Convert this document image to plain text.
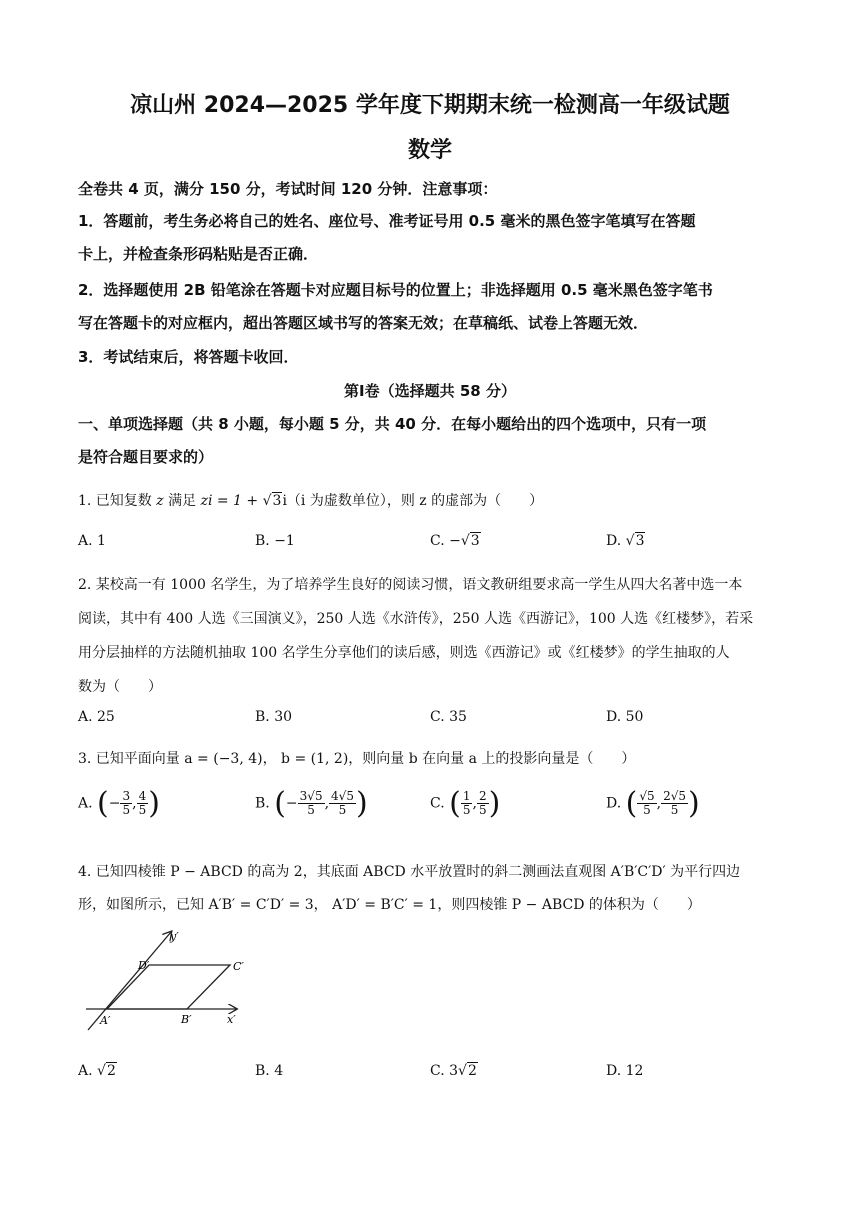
凉山州 2024—2025 学年度下期期末统一检测高一年级试题
数学
全卷共 4 页，满分 150 分，考试时间 120 分钟．注意事项：
1．答题前，考生务必将自己的姓名、座位号、准考证号用 0.5 毫米的黑色签字笔填写在答题
卡上，并检查条形码粘贴是否正确．
2．选择题使用 2B 铅笔涂在答题卡对应题目标号的位置上；非选择题用 0.5 毫米黑色签字笔书
写在答题卡的对应框内，超出答题区域书写的答案无效；在草稿纸、试卷上答题无效．
3．考试结束后，将答题卡收回．
第Ⅰ卷（选择题共 58 分）
一、单项选择题（共 8 小题，每小题 5 分，共 40 分．在每小题给出的四个选项中，只有一项
是符合题目要求的）
1. 已知复数 z 满足 zi = 1 + √3i（i 为虚数单位），则 z 的虚部为（　　）
A. 1	B. −1	C. −√3	D. √3
2. 某校高一有 1000 名学生，为了培养学生良好的阅读习惯，语文教研组要求高一学生从四大名著中选一本
阅读，其中有 400 人选《三国演义》，250 人选《水浒传》，250 人选《西游记》，100 人选《红楼梦》，若采
用分层抽样的方法随机抽取 100 名学生分享他们的读后感，则选《西游记》或《红楼梦》的学生抽取的人
数为（　　）
A. 25	B. 30	C. 35	D. 50
3. 已知平面向量 a = (−3, 4)， b = (1, 2)，则向量 b 在向量 a 上的投影向量是（　　）
A. (− $\frac{3}{5}$ , $\frac{4}{5}$ )	B. (− $\frac{3√5}{5}$ , $\frac{4√5}{5}$ )	C. ( $\frac{1}{5}$ , $\frac{2}{5}$ )	D. ( $\frac{√5}{5}$ , $\frac{2√5}{5}$ )
4. 已知四棱锥 P − ABCD 的高为 2，其底面 ABCD 水平放置时的斜二测画法直观图 A′B′C′D′ 为平行四边
形，如图所示，已知 A′B′ = C′D′ = 3， A′D′ = B′C′ = 1，则四棱锥 P − ABCD 的体积为（　　）
y′
x′
A′	B′
C′
D′
A. √2	B. 4	C. 3√2	D. 12
